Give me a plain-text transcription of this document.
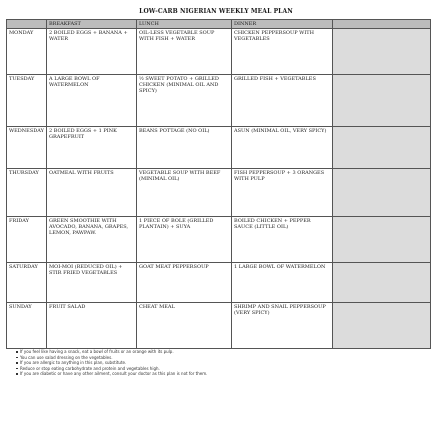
LOW-CARB NIGERIAN WEEKLY MEAL PLAN
	BREAKFAST	LUNCH	DINNER	
MONDAY	2 BOILED EGGS + BANANA + WATER	OIL-LESS VEGETABLE SOUP WITH FISH + WATER	CHICKEN PEPPERSOUP WITH VEGETABLES	
TUESDAY	A LARGE BOWL OF WATERMELON	½ SWEET POTATO + GRILLED CHICKEN (MINIMAL OIL AND SPICY)	GRILLED FISH + VEGETABLES	
WEDNESDAY	2 BOILED EGGS + 1 PINK GRAPEFRUIT	BEANS POTTAGE (NO OIL)	ASUN (MINIMAL OIL, VERY SPICY)	
THURSDAY	OATMEAL WITH FRUITS	VEGETABLE SOUP WITH BEEF (MINIMAL OIL)	FISH PEPPERSOUP + 3 ORANGES WITH PULP	
FRIDAY	GREEN SMOOTHIE WITH AVOCADO, BANANA, GRAPES, LEMON, PAWPAW.	1 PIECE OF BOLE (GRILLED PLANTAIN) + SUYA	BOILED CHICKEN + PEPPER SAUCE (LITTLE OIL)	
SATURDAY	MOI-MOI (REDUCED OIL) + STIR FRIED VEGETABLES	GOAT MEAT PEPPERSOUP	1 LARGE BOWL OF WATERMELON	
SUNDAY	FRUIT SALAD	CHEAT MEAL	SHRIMP AND SNAIL PEPPERSOUP (VERY SPICY)	
If you feel like having a snack, eat a bowl of fruits or an orange with its pulp.
You can use salad dressing on the vegetables.
If you are allergic to anything in this plan, substitute.
Reduce or stop eating carbohydrate and protein and vegetables high.
If you are diabetic or have any other ailment, consult your doctor as this plan is not for them.
